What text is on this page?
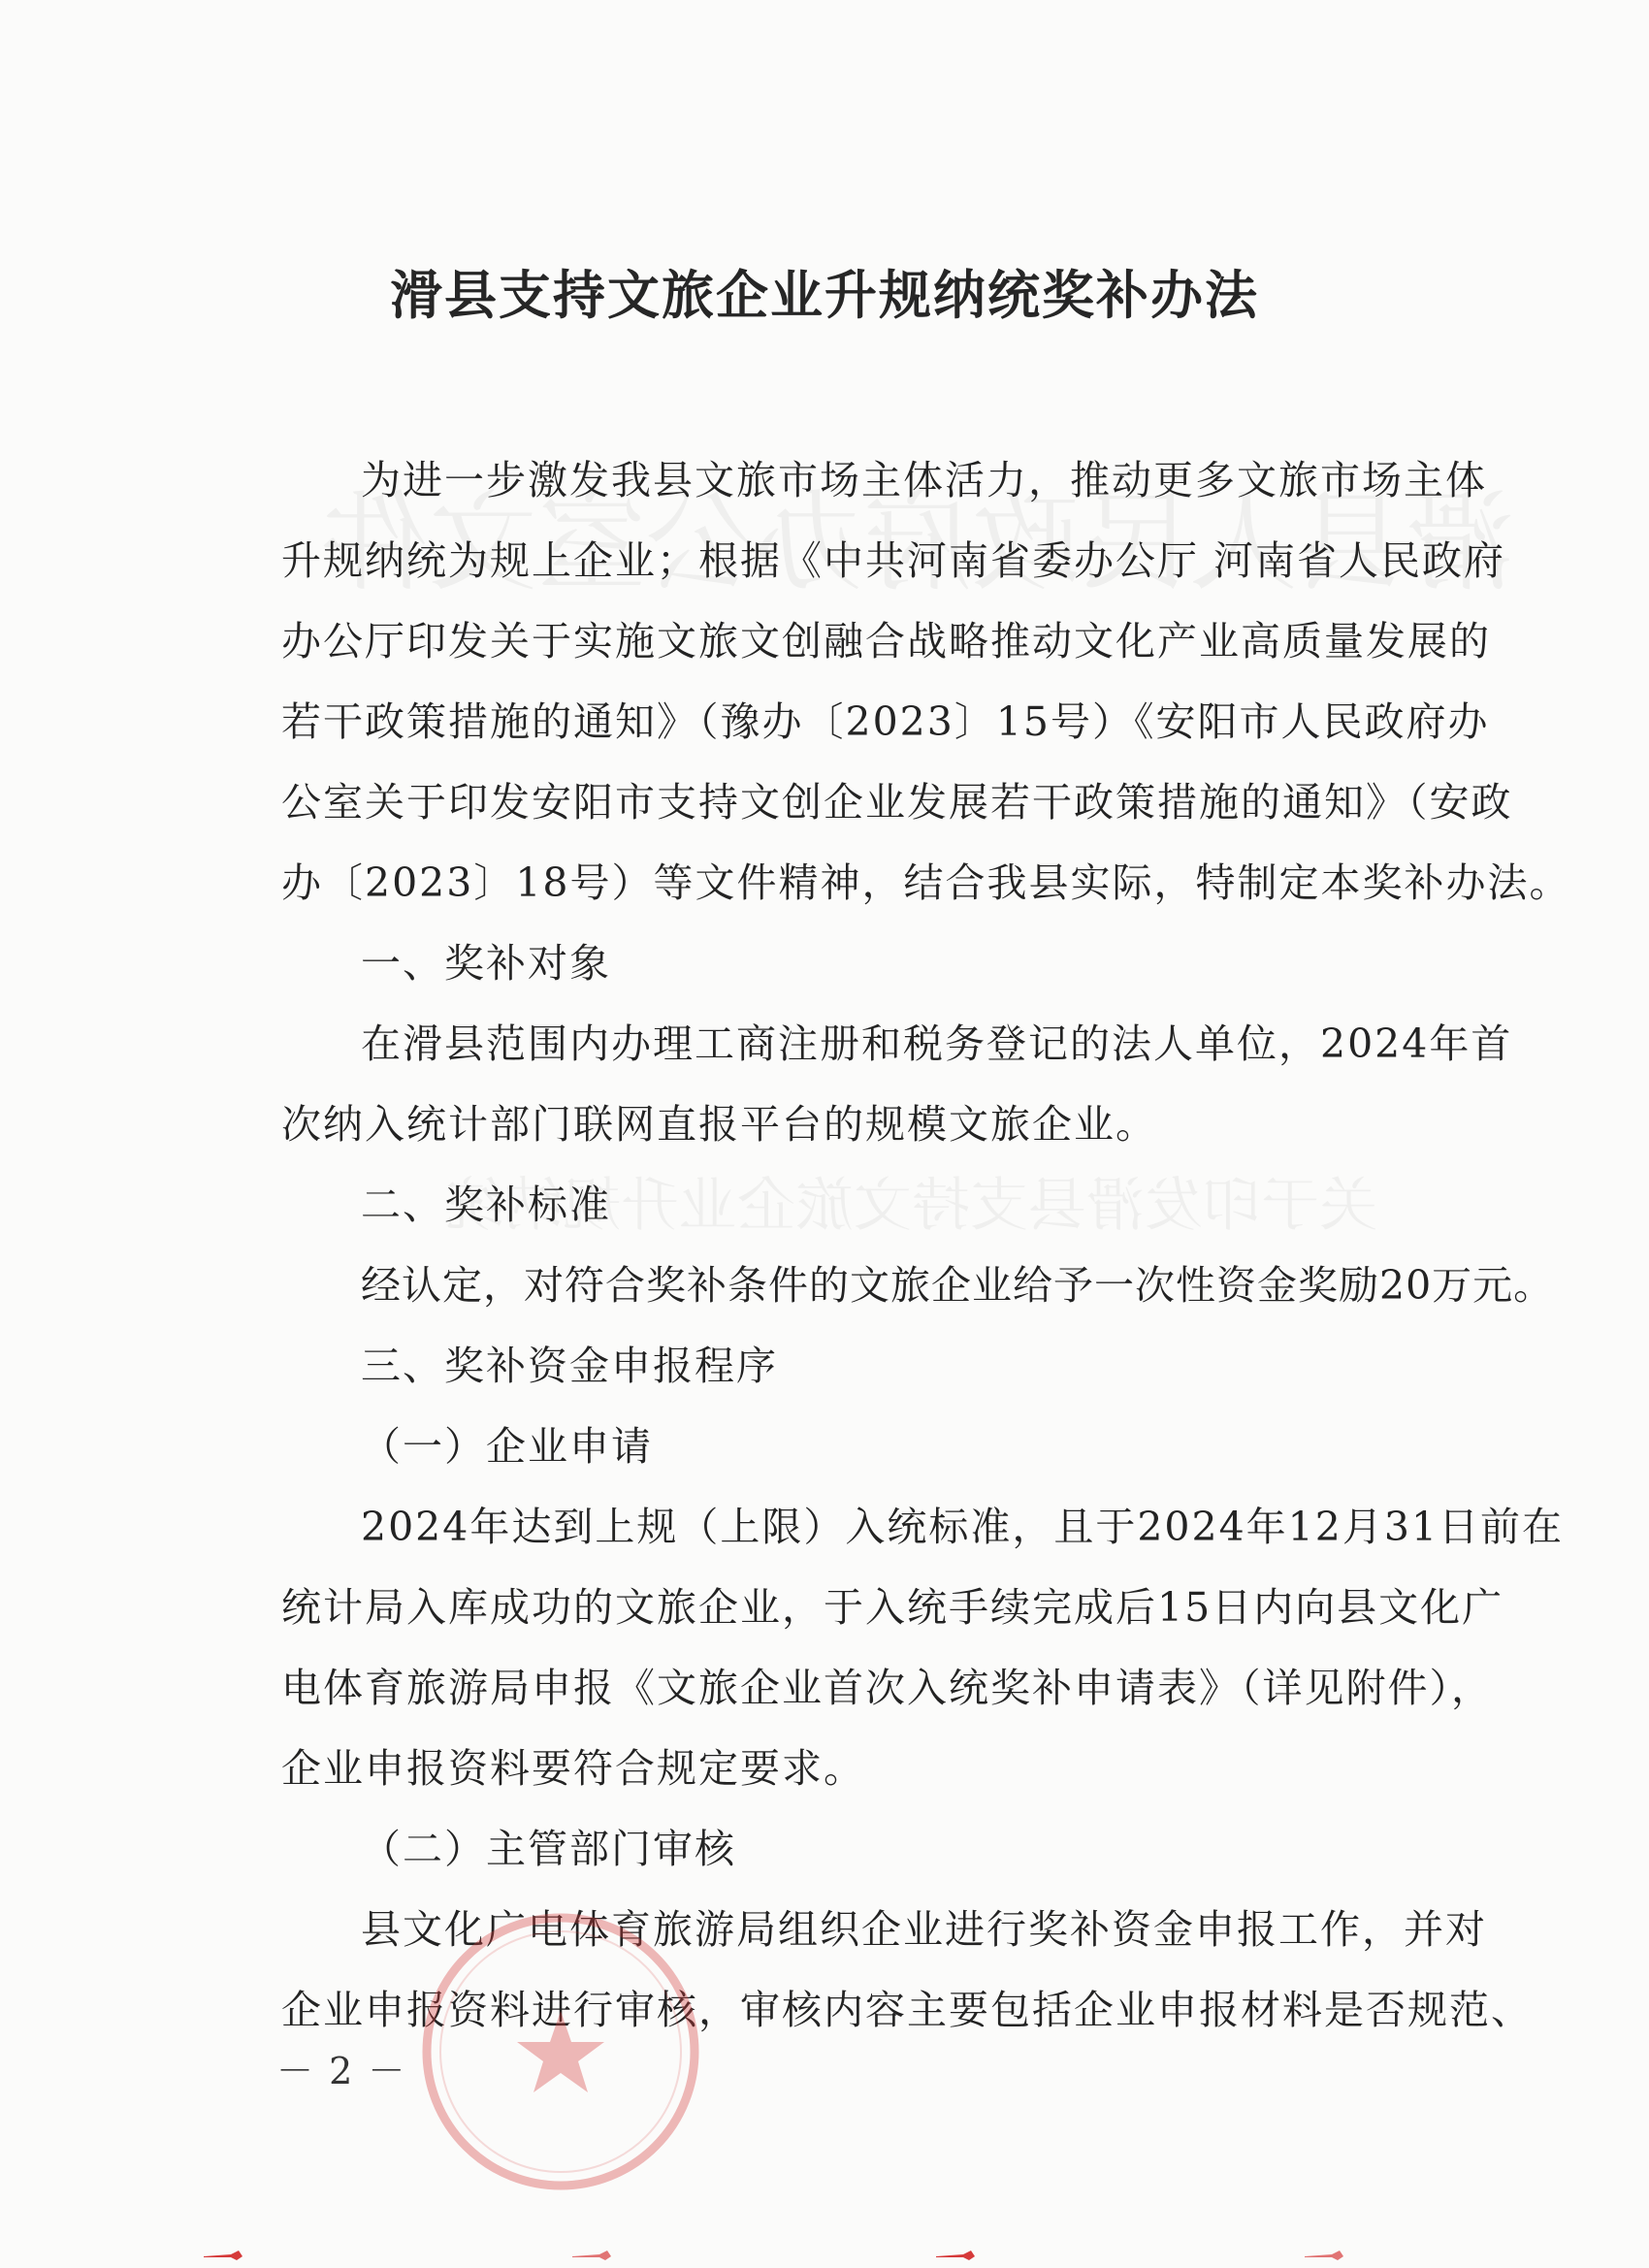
滑县支持文旅企业升规纳统奖补办法
为进一步激发我县文旅市场主体活力，推动更多文旅市场主体
升规纳统为规上企业；根据《中共河南省委办公厅 河南省人民政府
办公厅印发关于实施文旅文创融合战略推动文化产业高质量发展的
若干政策措施的通知》（豫办〔2023〕15号）《安阳市人民政府办
公室关于印发安阳市支持文创企业发展若干政策措施的通知》（安政
办〔2023〕18号）等文件精神，结合我县实际，特制定本奖补办法。
一、奖补对象
在滑县范围内办理工商注册和税务登记的法人单位，2024年首
次纳入统计部门联网直报平台的规模文旅企业。
二、奖补标准
经认定，对符合奖补条件的文旅企业给予一次性资金奖励20万元。
三、奖补资金申报程序
（一）企业申请
2024年达到上规（上限）入统标准，且于2024年12月31日前在
统计局入库成功的文旅企业，于入统手续完成后15日内向县文化广
电体育旅游局申报《文旅企业首次入统奖补申请表》（详见附件），
企业申报资料要符合规定要求。
（二）主管部门审核
县文化广电体育旅游局组织企业进行奖补资金申报工作，并对
企业申报资料进行审核，审核内容主要包括企业申报材料是否规范、
－ 2 －
